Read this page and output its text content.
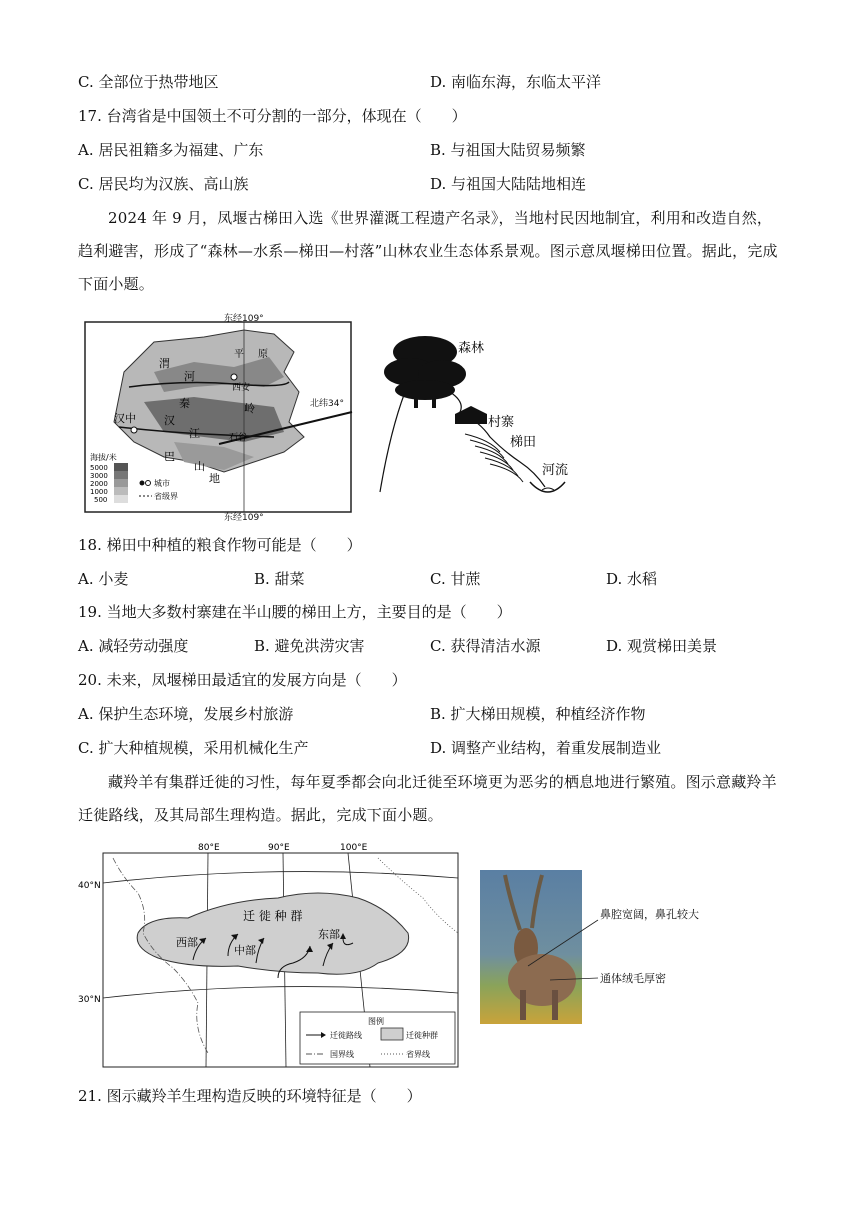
C. 全部位于热带地区	D. 南临东海，东临太平洋
17. 台湾省是中国领土不可分割的一部分，体现在（　　）
A. 居民祖籍多为福建、广东	B. 与祖国大陆贸易频繁
C. 居民均为汉族、高山族	D. 与祖国大陆陆地相连
2024 年 9 月，凤堰古梯田入选《世界灌溉工程遗产名录》，当地村民因地制宜，利用和改造自然，趋利避害，形成了“森林—水系—梯田—村落”山林农业生态体系景观。图示意凤堰梯田位置。据此，完成下面小题。
东经109°
东经109°
北纬34°
渭
河
平 原
西安
秦	岭
汉中	汉
江
巴
山
地
石谷
海拔/米
5000
3000
2000
1000
500
城市
省级界
森林
村寨
梯田
河流
18. 梯田中种植的粮食作物可能是（　　）
A. 小麦	B. 甜菜	C. 甘蔗	D. 水稻
19. 当地大多数村寨建在半山腰的梯田上方，主要目的是（　　）
A. 减轻劳动强度	B. 避免洪涝灾害	C. 获得清洁水源	D. 观赏梯田美景
20. 未来，凤堰梯田最适宜的发展方向是（　　）
A. 保护生态环境，发展乡村旅游	B. 扩大梯田规模，种植经济作物
C. 扩大种植规模，采用机械化生产	D. 调整产业结构，着重发展制造业
藏羚羊有集群迁徙的习性，每年夏季都会向北迁徙至环境更为恶劣的栖息地进行繁殖。图示意藏羚羊迁徙路线，及其局部生理构造。据此，完成下面小题。
80°E	90°E	100°E
40°N
30°N
迁 徙 种 群
西部
中部
东部
图例
迁徙路线	迁徙种群
国界线	省界线
鼻腔宽阔，鼻孔较大
通体绒毛厚密
21. 图示藏羚羊生理构造反映的环境特征是（　　）
